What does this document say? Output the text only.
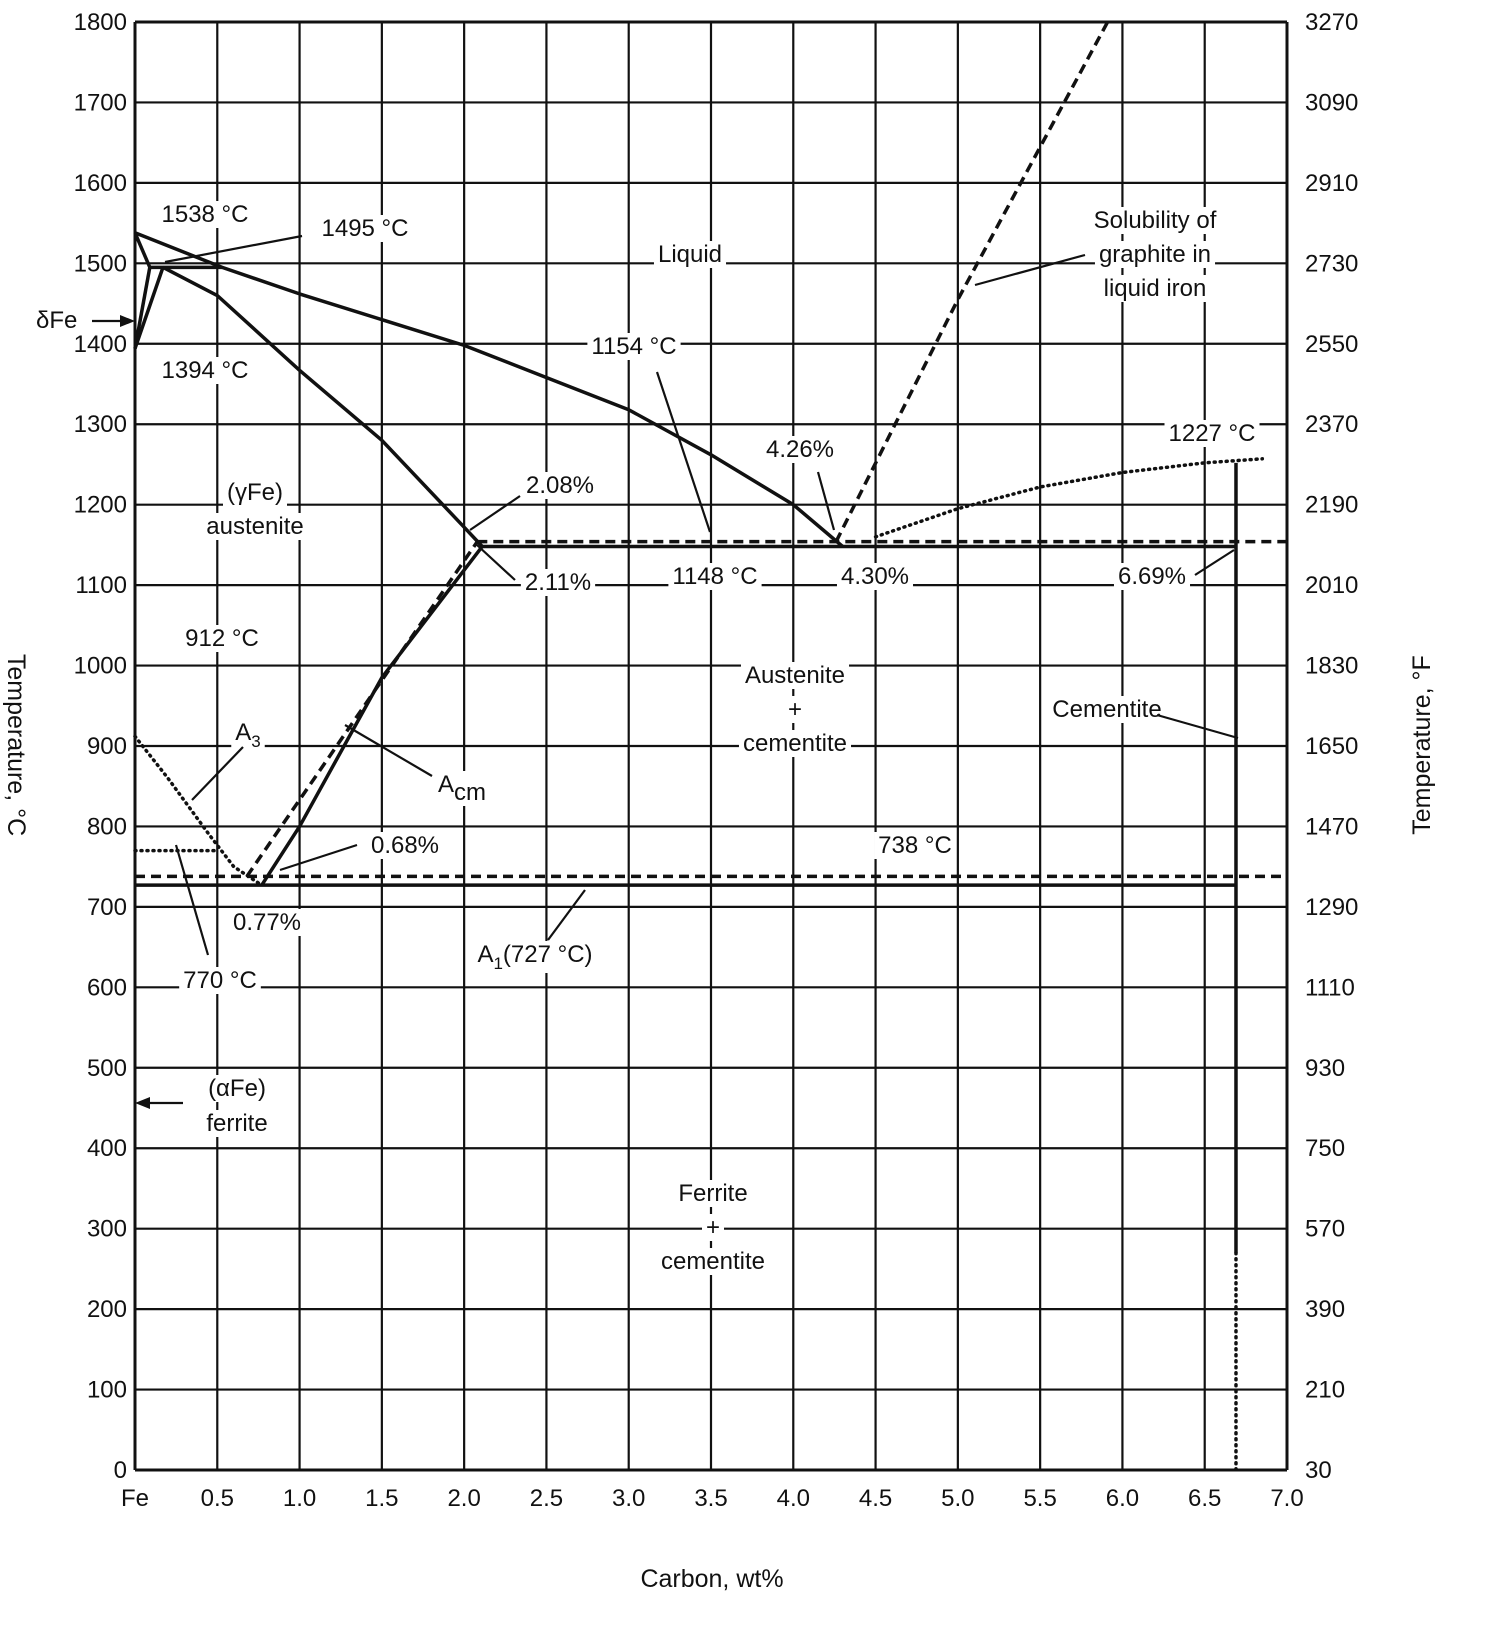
Fe 0.5 1.0 1.5 2.0 2.5 3.0 3.5 4.0 4.5 5.0 5.5 6.0 6.5 7.0
0
100
200
300
400
500
600
700
800
900
1000
1100
1200
1300
1400
1500
1600
1700
1800
30
210
390
570
750
930
1110
1290
1470
1650
1830
2010
2190
2370
2550
2730
2910
3090
3270
Carbon, wt%
Temperature, °F
Temperature, °C
1538 °C
1495 °C
Liquid
1154 °C
1394 °C
4.26%
1227 °C
2.08%
(γFe)
austenite
Solubility of
graphite in
liquid iron
2.11%	1148 °C	4.30%	6.69%
912 °C
Austenite
+
cementite
Cementite
$A_3$
Acm
0.68%	738 °C
0.77%
$A_1(727$ °C)
770 °C
(αFe)
ferrite
Ferrite
+
cementite
δFe
